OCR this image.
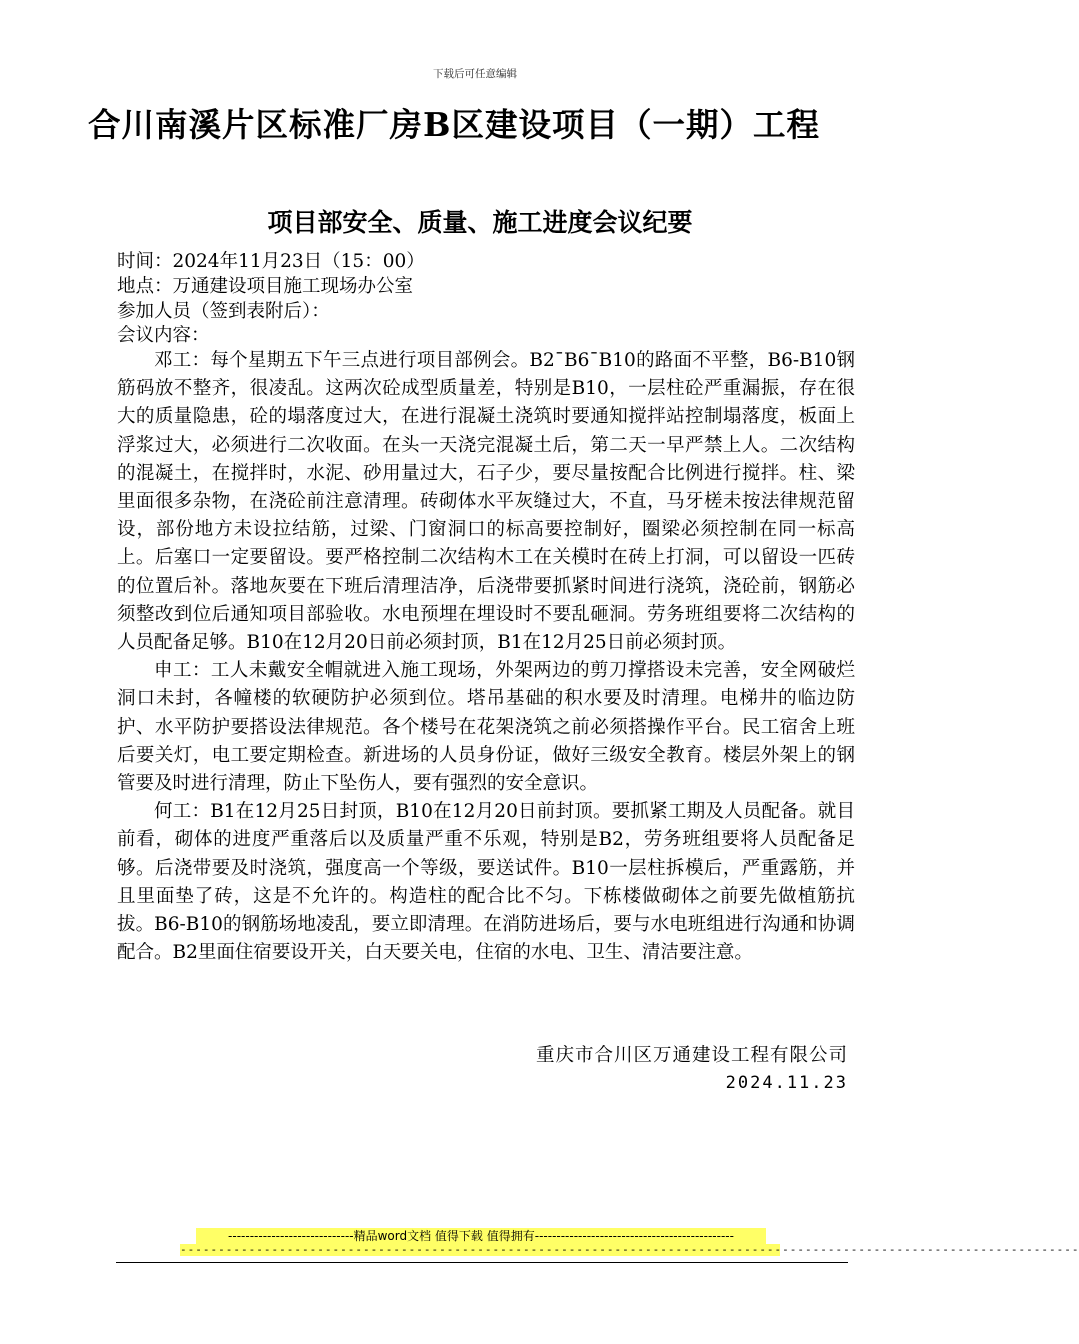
下载后可任意编辑
合川南溪片区标准厂房B区建设项目（一期）工程
项目部安全、质量、施工进度会议纪要
时间：2024年11月23日（15：00）
地点：万通建设项目施工现场办公室
参加人员（签到表附后）：
会议内容：

邓工：每个星期五下午三点进行项目部例会。B2¯B6¯B10的路面不平整，B6-B10钢筋码放不整齐，很凌乱。这两次砼成型质量差，特别是B10，一层柱砼严重漏振，存在很大的质量隐患，砼的塌落度过大，在进行混凝土浇筑时要通知搅拌站控制塌落度，板面上浮浆过大，必须进行二次收面。在头一天浇完混凝土后，第二天一早严禁上人。二次结构的混凝土，在搅拌时，水泥、砂用量过大，石子少，要尽量按配合比例进行搅拌。柱、梁里面很多杂物，在浇砼前注意清理。砖砌体水平灰缝过大，不直，马牙槎未按法律规范留设，部份地方未设拉结筋，过梁、门窗洞口的标高要控制好，圈梁必须控制在同一标高上。后塞口一定要留设。要严格控制二次结构木工在关模时在砖上打洞，可以留设一匹砖的位置后补。落地灰要在下班后清理洁净，后浇带要抓紧时间进行浇筑，浇砼前，钢筋必须整改到位后通知项目部验收。水电预埋在埋设时不要乱砸洞。劳务班组要将二次结构的人员配备足够。B10在12月20日前必须封顶，B1在12月25日前必须封顶。

申工：工人未戴安全帽就进入施工现场，外架两边的剪刀撑搭设未完善，安全网破烂洞口未封，各幢楼的软硬防护必须到位。塔吊基础的积水要及时清理。电梯井的临边防护、水平防护要搭设法律规范。各个楼号在花架浇筑之前必须搭操作平台。民工宿舍上班后要关灯，电工要定期检查。新进场的人员身份证，做好三级安全教育。楼层外架上的钢管要及时进行清理，防止下坠伤人，要有强烈的安全意识。

何工：B1在12月25日封顶，B10在12月20日前封顶。要抓紧工期及人员配备。就目前看，砌体的进度严重落后以及质量严重不乐观，特别是B2，劳务班组要将人员配备足够。后浇带要及时浇筑，强度高一个等级，要送试件。B10一层柱拆模后，严重露筋，并且里面垫了砖，这是不允许的。构造柱的配合比不匀。下栋楼做砌体之前要先做植筋抗拔。B6-B10的钢筋场地凌乱，要立即清理。在消防进场后，要与水电班组进行沟通和协调配合。B2里面住宿要设开关，白天要关电，住宿的水电、卫生、清洁要注意。

重庆市合川区万通建设工程有限公司
2024.11.23
-----------------------------精品word文档 值得下载 值得拥有----------------------------------------------
----------------------------------------------------------------------------------------------------------------------
